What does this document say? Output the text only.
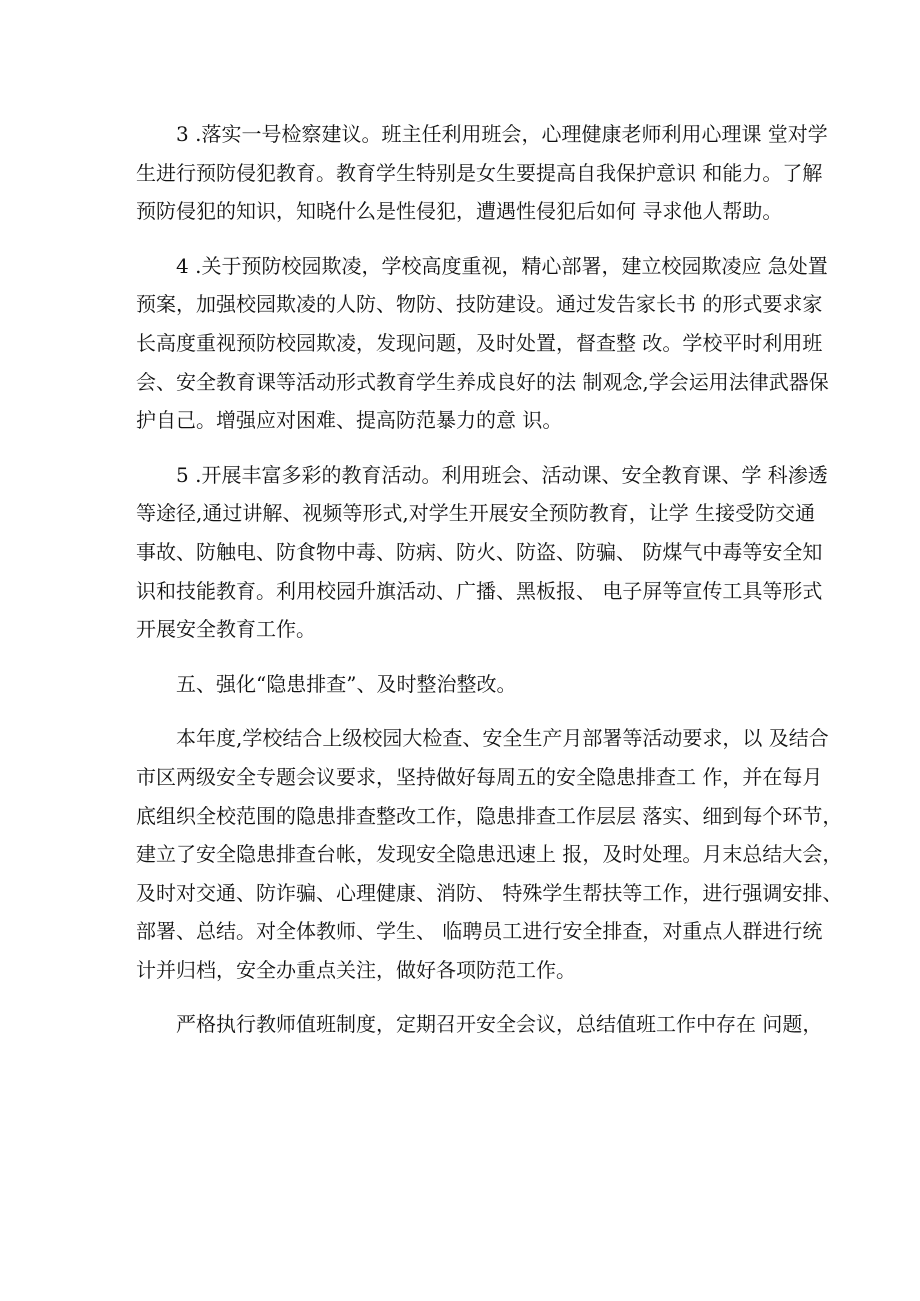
3 .落实一号检察建议。班主任利用班会，心理健康老师利用心理课 堂对学
生进行预防侵犯教育。教育学生特别是女生要提高自我保护意识 和能力。了解
预防侵犯的知识，知晓什么是性侵犯，遭遇性侵犯后如何 寻求他人帮助。
4 .关于预防校园欺凌，学校高度重视，精心部署，建立校园欺凌应 急处置
预案，加强校园欺凌的人防、物防、技防建设。通过发告家长书 的形式要求家
长高度重视预防校园欺凌，发现问题，及时处置，督查整 改。学校平时利用班
会、安全教育课等活动形式教育学生养成良好的法 制观念,学会运用法律武器保
护自己。增强应对困难、提高防范暴力的意 识。
5 .开展丰富多彩的教育活动。利用班会、活动课、安全教育课、学 科渗透
等途径,通过讲解、视频等形式,对学生开展安全预防教育，让学 生接受防交通
事故、防触电、防食物中毒、防病、防火、防盗、防骗、 防煤气中毒等安全知
识和技能教育。利用校园升旗活动、广播、黑板报、 电子屏等宣传工具等形式
开展安全教育工作。
五、强化“隐患排查”、及时整治整改。
本年度,学校结合上级校园大检查、安全生产月部署等活动要求，以 及结合
市区两级安全专题会议要求，坚持做好每周五的安全隐患排查工 作，并在每月
底组织全校范围的隐患排查整改工作，隐患排查工作层层 落实、细到每个环节，
建立了安全隐患排查台帐，发现安全隐患迅速上 报，及时处理。月末总结大会，
及时对交通、防诈骗、心理健康、消防、 特殊学生帮扶等工作，进行强调安排、
部署、总结。对全体教师、学生、 临聘员工进行安全排查，对重点人群进行统
计并归档，安全办重点关注，做好各项防范工作。
严格执行教师值班制度，定期召开安全会议，总结值班工作中存在 问题，
